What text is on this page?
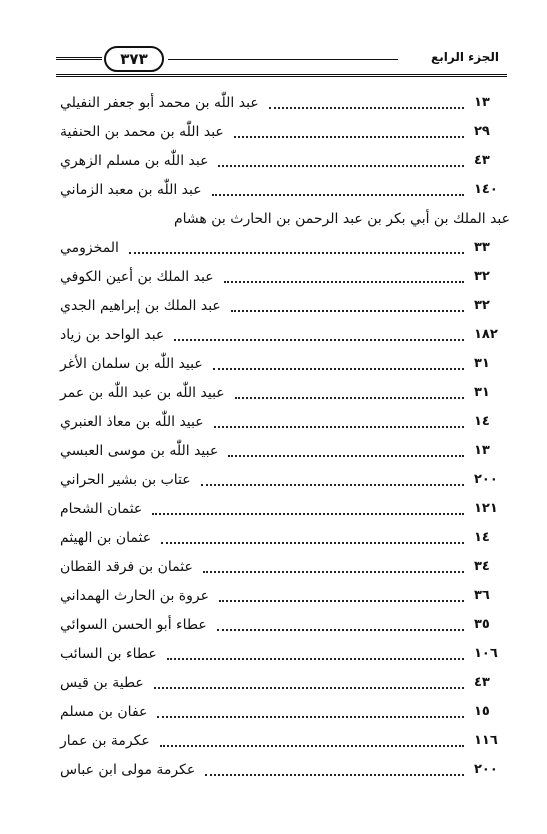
٣٧٣	الجزء الرابع
عبد اللّٰه بن محمد أبو جعفر النفيلي	١٣
عبد اللّٰه بن محمد بن الحنفية	٢٩
عبد اللّٰه بن مسلم الزهري	٤٣
عبد اللّٰه بن معبد الزماني	١٤٠
عبد الملك بن أبي بكر بن عبد الرحمن بن الحارث بن هشام
المخزومي	٣٣
عبد الملك بن أعين الكوفي	٣٢
عبد الملك بن إبراهيم الجدي	٣٢
عبد الواحد بن زياد	١٨٢
عبيد اللّٰه بن سلمان الأغر	٣١
عبيد اللّٰه بن عبد اللّٰه بن عمر	٣١
عبيد اللّٰه بن معاذ العنبري	١٤
عبيد اللّٰه بن موسى العبسي	١٣
عتاب بن بشير الحراني	٢٠٠
عثمان الشحام	١٢١
عثمان بن الهيثم	١٤
عثمان بن فرقد القطان	٣٤
عروة بن الحارث الهمداني	٣٦
عطاء أبو الحسن السوائي	٣٥
عطاء بن السائب	١٠٦
عطية بن قيس	٤٣
عفان بن مسلم	١٥
عكرمة بن عمار	١١٦
عكرمة مولى ابن عباس	٢٠٠
